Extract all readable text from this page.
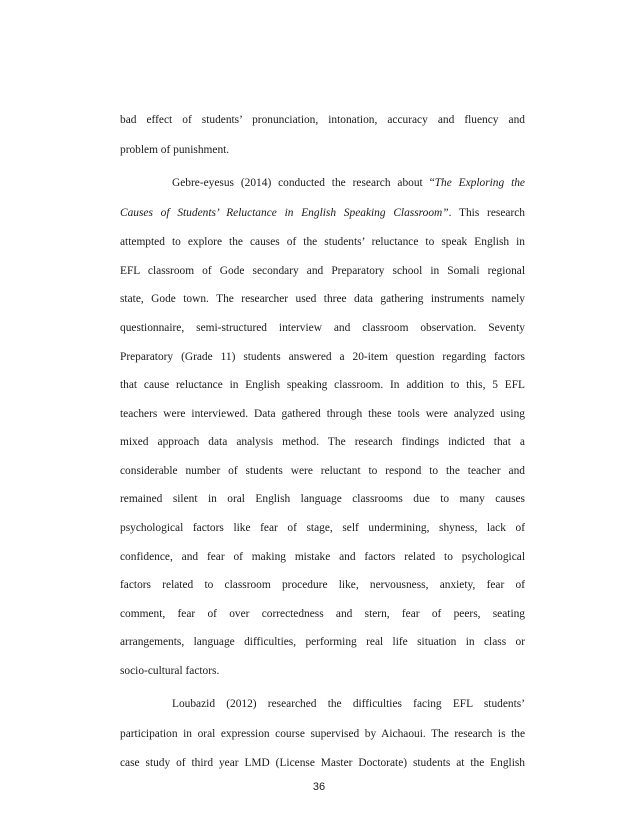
bad effect of students’ pronunciation, intonation, accuracy and fluency and
problem of punishment.
Gebre-eyesus (2014) conducted the research about “The Exploring the
Causes of Students’ Reluctance in English Speaking Classroom”. This research
attempted to explore the causes of the students’ reluctance to speak English in
EFL classroom of Gode secondary and Preparatory school in Somali regional
state, Gode town. The researcher used three data gathering instruments namely
questionnaire, semi-structured interview and classroom observation. Seventy
Preparatory (Grade 11) students answered a 20-item question regarding factors
that cause reluctance in English speaking classroom. In addition to this, 5 EFL
teachers were interviewed. Data gathered through these tools were analyzed using
mixed approach data analysis method. The research findings indicted that a
considerable number of students were reluctant to respond to the teacher and
remained silent in oral English language classrooms due to many causes
psychological factors like fear of stage, self undermining, shyness, lack of
confidence, and fear of making mistake and factors related to psychological
factors related to classroom procedure like, nervousness, anxiety, fear of
comment, fear of over correctedness and stern, fear of peers, seating
arrangements, language difficulties, performing real life situation in class or
socio-cultural factors.
Loubazid (2012) researched the difficulties facing EFL students’
participation in oral expression course supervised by Aichaoui. The research is the
case study of third year LMD (License Master Doctorate) students at the English
36
